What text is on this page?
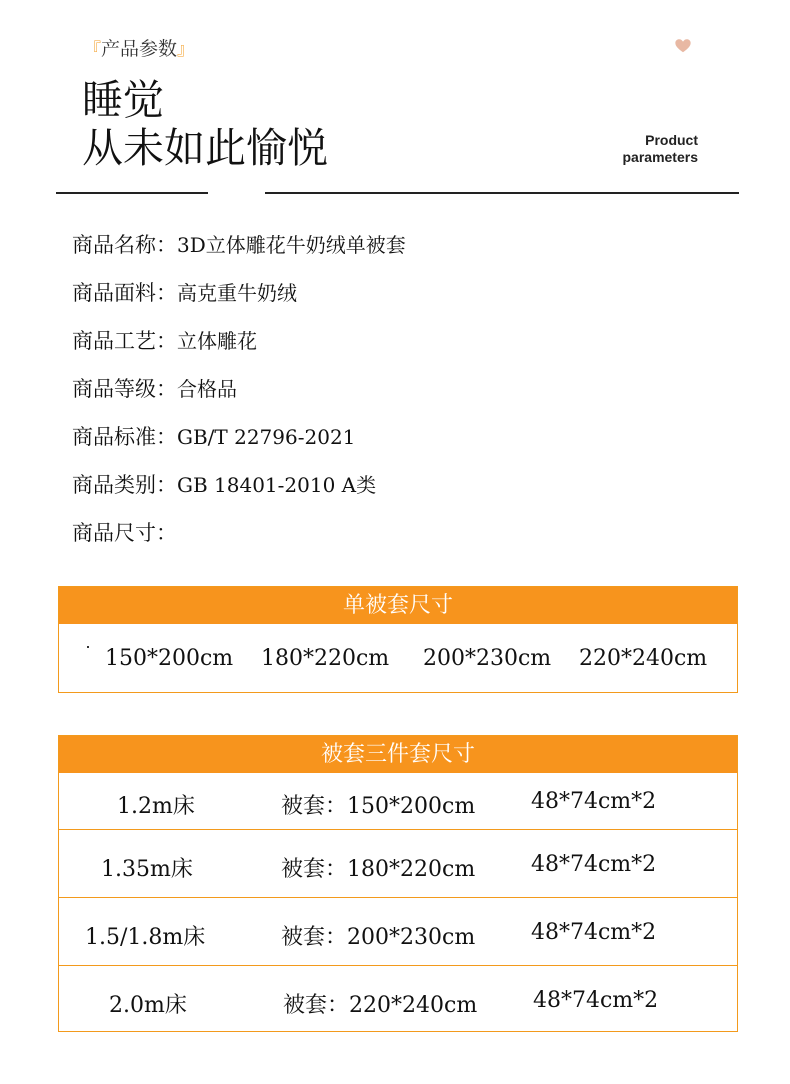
『产品参数』
睡觉
从未如此愉悦	Product
parameters
商品名称：3D立体雕花牛奶绒单被套
商品面料：高克重牛奶绒
商品工艺：立体雕花
商品等级：合格品
商品标准：GB/T 22796-2021
商品类别：GB 18401-2010 A类
商品尺寸：
单被套尺寸
150*200cm 180*220cm 200*230cm 220*240cm
被套三件套尺寸
1.2m床	被套：150*200cm	48*74cm*2
1.35m床	被套：180*220cm	48*74cm*2
1.5/1.8m床	被套：200*230cm	48*74cm*2
2.0m床	被套：220*240cm	48*74cm*2
